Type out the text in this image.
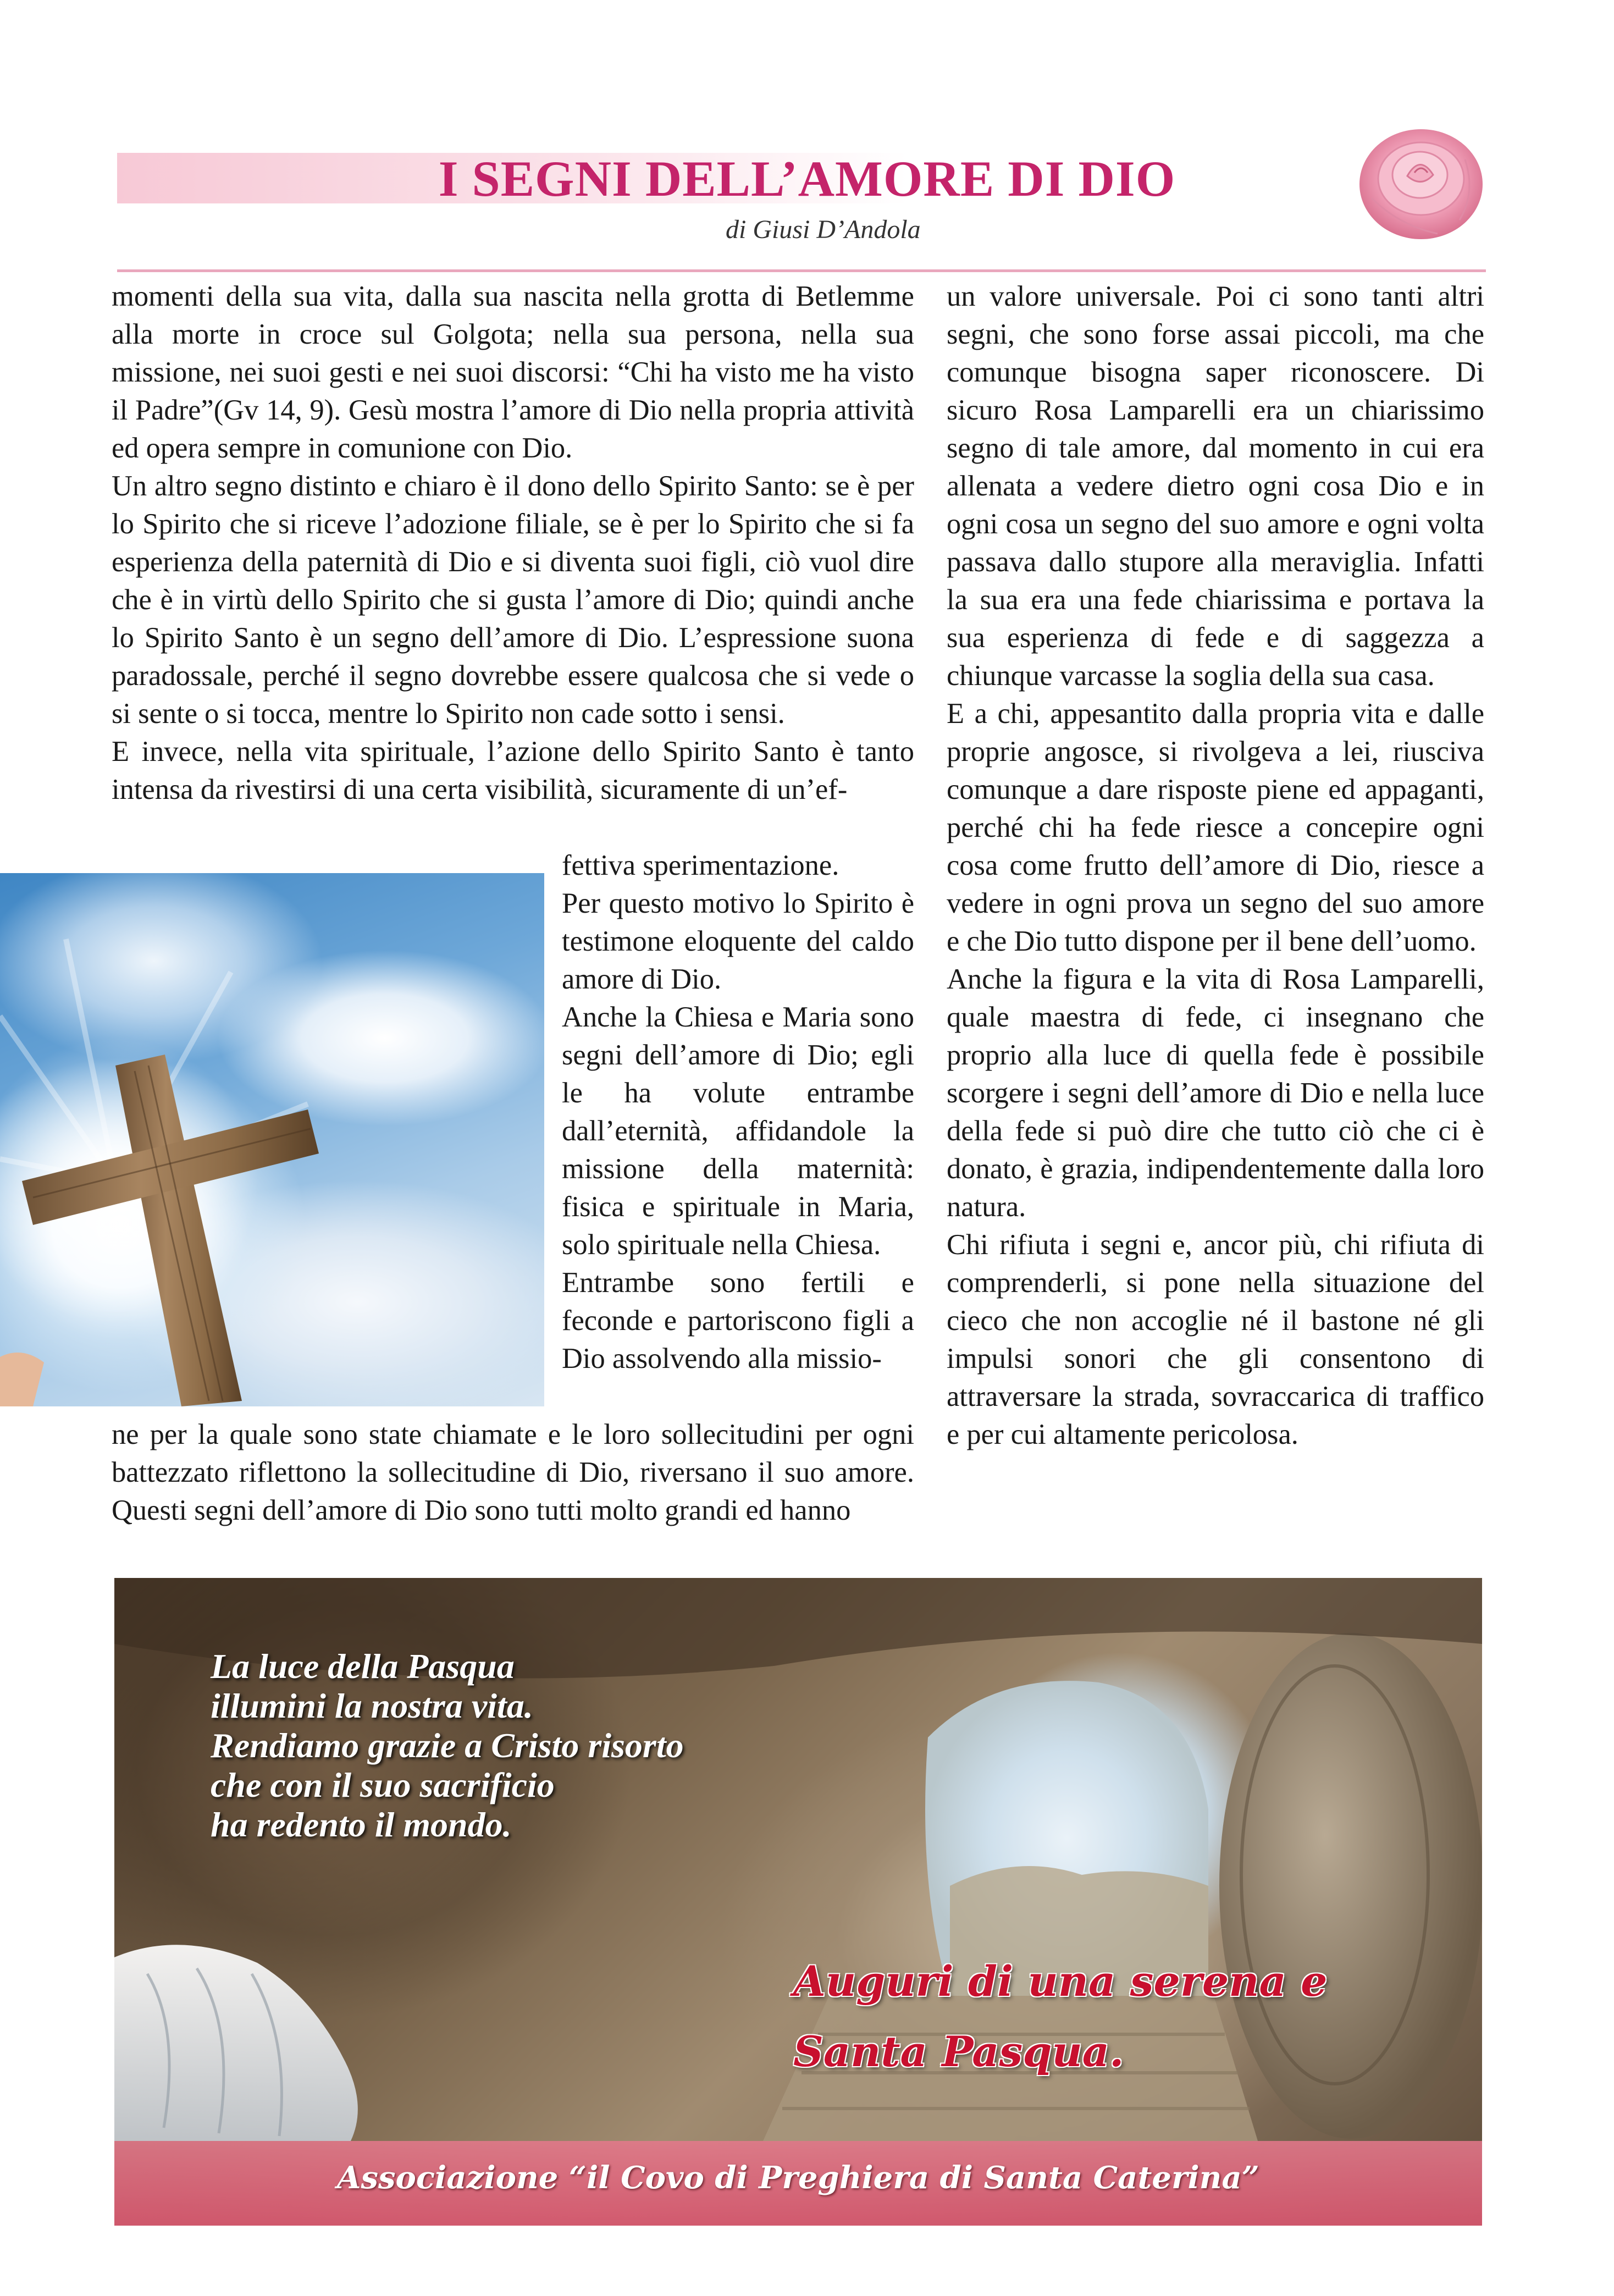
I SEGNI DELL’AMORE DI DIO
di Giusi D’Andola

momenti della sua vita, dalla sua nascita nella grotta di Betlemme alla morte in croce sul Golgota; nella sua persona, nella sua missione, nei suoi gesti e nei suoi discorsi: “Chi ha visto me ha visto il Padre”(Gv 14, 9). Gesù mostra l’amore di Dio nella propria attività ed opera sempre in comunione con Dio.

Un altro segno distinto e chiaro è il dono dello Spirito Santo: se è per lo Spirito che si riceve l’adozione filiale, se è per lo Spirito che si fa esperienza della paternità di Dio e si diventa suoi figli, ciò vuol dire che è in virtù dello Spirito che si gusta l’amore di Dio; quindi anche lo Spirito Santo è un segno dell’amore di Dio. L’espressione suona paradossale, perché il segno dovrebbe essere qualcosa che si vede o si sente o si tocca, mentre lo Spirito non cade sotto i sensi.

E invece, nella vita spirituale, l’azione dello Spirito Santo è tanto intensa da rivestirsi di una certa visibilità, sicuramente di un’ef-

fettiva sperimentazione.

Per questo motivo lo Spirito è testimone eloquente del caldo amore di Dio.

Anche la Chiesa e Maria sono segni dell’amore di Dio; egli le ha volute entrambe dall’eternità, affidandole la missione della maternità: fisica e spirituale in Maria, solo spirituale nella Chiesa.

Entrambe sono fertili e feconde e partoriscono figli a Dio assolvendo alla missio-

ne per la quale sono state chiamate e le loro sollecitudini per ogni battezzato riflettono la sollecitudine di Dio, riversano il suo amore. Questi segni dell’amore di Dio sono tutti molto grandi ed hanno

un valore universale. Poi ci sono tanti altri segni, che sono forse assai piccoli, ma che comunque bisogna saper riconoscere. Di sicuro Rosa Lamparelli era un chiarissimo segno di tale amore, dal momento in cui era allenata a vedere dietro ogni cosa Dio e in ogni cosa un segno del suo amore e ogni volta passava dallo stupore alla meraviglia. Infatti la sua era una fede chiarissima e portava la sua esperienza di fede e di saggezza a chiunque varcasse la soglia della sua casa.

E a chi, appesantito dalla propria vita e dalle proprie angosce, si rivolgeva a lei, riusciva comunque a dare risposte piene ed appaganti, perché chi ha fede riesce a concepire ogni cosa come frutto dell’amore di Dio, riesce a vedere in ogni prova un segno del suo amore e che Dio tutto dispone per il bene dell’uomo.

Anche la figura e la vita di Rosa Lamparelli, quale maestra di fede, ci insegnano che proprio alla luce di quella fede è possibile scorgere i segni dell’amore di Dio e nella luce della fede si può dire che tutto ciò che ci è donato, è grazia, indipendentemente dalla loro natura.

Chi rifiuta i segni e, ancor più, chi rifiuta di comprenderli, si pone nella situazione del cieco che non accoglie né il bastone né gli impulsi sonori che gli consentono di attraversare la strada, sovraccarica di traffico e per cui altamente pericolosa.

La luce della Pasqua
illumini la nostra vita.
Rendiamo grazie a Cristo risorto
che con il suo sacrificio
ha redento il mondo.
Auguri di una serena e
Santa Pasqua.
Associazione “il Covo di Preghiera di Santa Caterina”
